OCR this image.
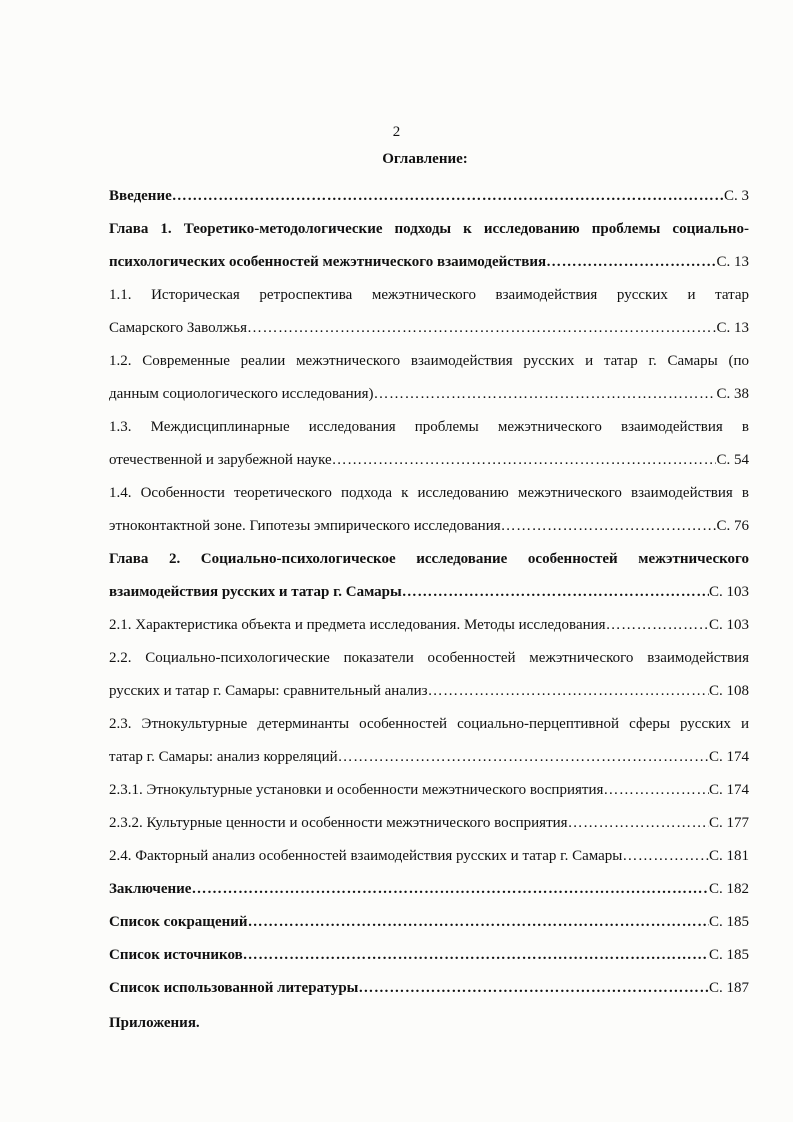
2
Оглавление:
Введение ……………………………………………………………………………………………………………………………………………………	С. 3
Глава 1. Теоретико-методологические подходы к исследованию проблемы социально-
психологических особенностей межэтнического взаимодействия ……………………………………………………………………………………………………………………………………………………	С. 13
1.1. Историческая ретроспектива межэтнического взаимодействия русских и татар
Самарского Заволжья ……………………………………………………………………………………………………………………………………………………	С. 13
1.2. Современные реалии межэтнического взаимодействия русских и татар г. Самары (по
данным социологического исследования) ……………………………………………………………………………………………………………………………………………………	С. 38
1.3. Междисциплинарные исследования проблемы межэтнического взаимодействия в
отечественной и зарубежной науке ……………………………………………………………………………………………………………………………………………………	С. 54
1.4. Особенности теоретического подхода к исследованию межэтнического взаимодействия в
этноконтактной зоне. Гипотезы эмпирического исследования ……………………………………………………………………………………………………………………………………………………	С. 76
Глава 2. Социально-психологическое исследование особенностей межэтнического
взаимодействия русских и татар г. Самары ……………………………………………………………………………………………………………………………………………………	С. 103
2.1. Характеристика объекта и предмета исследования. Методы исследования ……………………………………………………………………………………………………………………………………………………	С. 103
2.2. Социально-психологические показатели особенностей межэтнического взаимодействия
русских и татар г. Самары: сравнительный анализ ……………………………………………………………………………………………………………………………………………………	С. 108
2.3. Этнокультурные детерминанты особенностей социально-перцептивной сферы русских и
татар г. Самары: анализ корреляций ……………………………………………………………………………………………………………………………………………………	С. 174
2.3.1. Этнокультурные установки и особенности межэтнического восприятия ……………………………………………………………………………………………………………………………………………………	С. 174
2.3.2. Культурные ценности и особенности межэтнического восприятия ……………………………………………………………………………………………………………………………………………………	С. 177
2.4. Факторный анализ особенностей взаимодействия русских и татар г. Самары ……………………………………………………………………………………………………………………………………………………	С. 181
Заключение ……………………………………………………………………………………………………………………………………………………	С. 182
Список сокращений ……………………………………………………………………………………………………………………………………………………	С. 185
Список источников ……………………………………………………………………………………………………………………………………………………	С. 185
Список использованной литературы ……………………………………………………………………………………………………………………………………………………	С. 187
Приложения.
